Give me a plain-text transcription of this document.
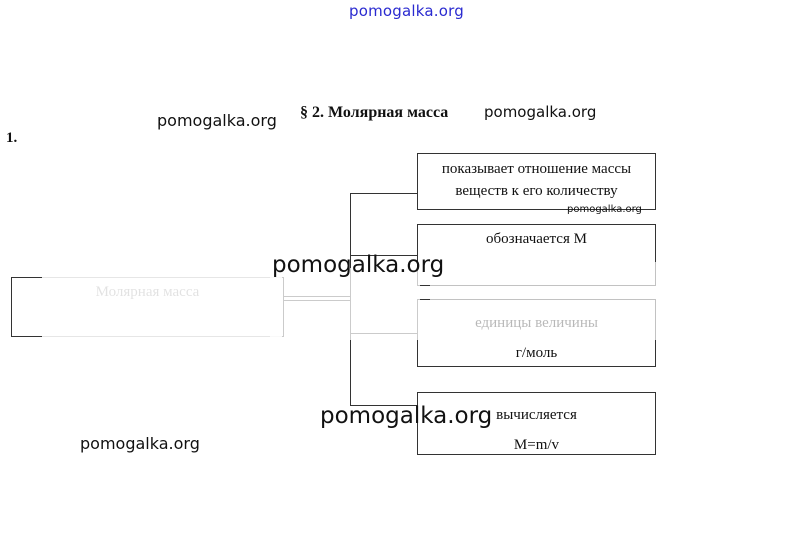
pomogalka.org
§ 2. Молярная масса pomogalka.org
pomogalka.org
1.
показывает отношение массы
веществ к его количеству
pomogalka.org
обозначается М
г/моль
вычисляется
M=m/v
pomogalka.org
pomogalka.org
pomogalka.org
